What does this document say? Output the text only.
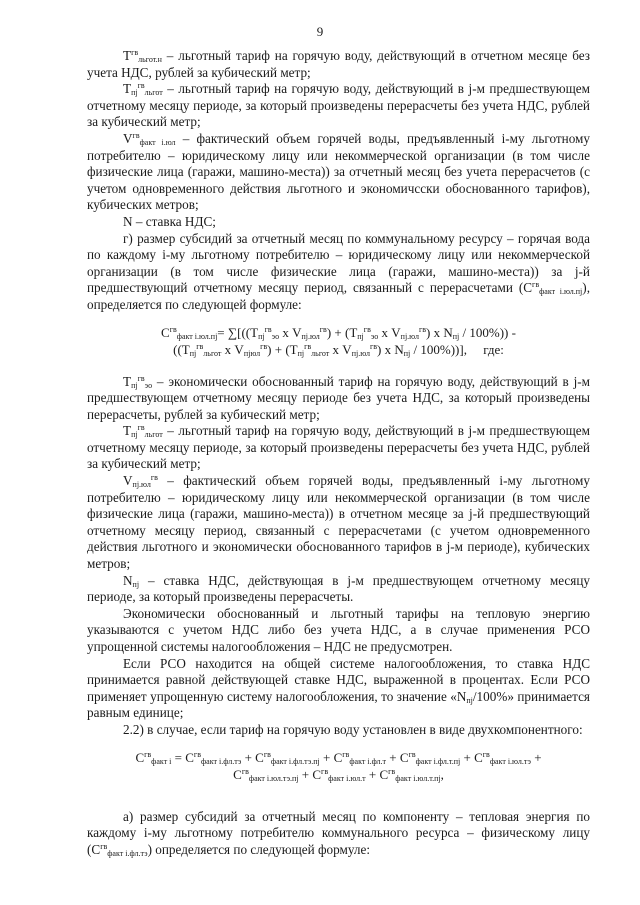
9

$T^{гв}_{льгот.н}$ – льготный тариф на горячую воду, действующий в отчетном месяце без учета НДС, рублей за кубический метр;

$T_{пj}^{гв}_{льгот}$ – льготный тариф на горячую воду, действующий в j-м предшествующем отчетному месяцу периоде, за который произведены перерасчеты без учета НДС, рублей за кубический метр;

$V^{гв}_{факт i.юл}$ – фактический объем горячей воды, предъявленный i-му льготному потребителю – юридическому лицу или некоммерческой организации (в том числе физические лица (гаражи, машино-места)) за отчетный месяц без учета перерасчетов (с учетом одновременного действия льготного и экономичсски обоснованного тарифов), кубических метров;

N – ставка НДС;

г) размер субсидий за отчетный месяц по коммунальному ресурсу – горячая вода по каждому i-му льготному потребителю – юридическому лицу или некоммерческой организации (в том числе физические лица (гаражи, машино-места)) за j-й предшествующий отчетному месяцу период, связанный с перерасчетами $(С^{гв}_{факт i.юл.пj})$, определяется по следующей формуле:

$С^{гв}_{факт i.юл.пj}= \sum[((T_{пj}^{гв}_{эо}$ х $V_{пj.юл}^{гв}) + (T_{пj}^{гв}_{эо}$ х $V_{пj.юл}^{гв}$) х $N_{пj} / 100\%$)) -
(($T_{пj}^{гв}_{льгот}$ х $V_{пjюл}^{гв}) + (T_{пj}^{гв}_{льгот}$ х $V_{пj.юл}^{гв}$) х $N_{пj} / 100\%$))],     где:

$T_{пj}^{гв}_{эо}$ – экономически обоснованный тариф на горячую воду, действующий в j-м предшествующем отчетному месяцу периоде без учета НДС, за который произведены перерасчеты, рублей за кубический метр;

$T_{пj}^{гв}_{льгот}$ – льготный тариф на горячую воду, действующий в j-м предшествующем отчетному месяцу периоде, за который произведены перерасчеты без учета НДС, рублей за кубический метр;

$V_{пj.юл}^{гв}$ – фактический объем горячей воды, предъявленный i-му льготному потребителю – юридическому лицу или некоммерческой организации (в том числе физические лица (гаражи, машино-места)) в отчетном месяце за j-й предшествующий отчетному месяцу период, связанный с перерасчетами (с учетом одновременного действия льготного и экономически обоснованного тарифов в j-м периоде), кубических метров;

$N_{пj}$ – ставка НДС, действующая в j-м предшествующем отчетному месяцу периоде, за который произведены перерасчеты.

Экономически обоснованный и льготный тарифы на тепловую энергию указываются с учетом НДС либо без учета НДС, а в случае применения РСО упрощенной системы налогообложения – НДС не предусмотрен.

Если РСО находится на общей системе налогообложения, то ставка НДС принимается равной действующей ставке НДС, выраженной в процентах. Если РСО применяет упрощенную систему налогообложения, то значение «$N_{пj}/100\%$» принимается равным единице;

2.2) в случае, если тариф на горячую воду установлен в виде двухкомпонентного:

$С^{гв}_{факт i} = С^{гв}_{факт i.фл.тэ} + С^{гв}_{факт i.фл.тэ.пj} + С^{гв}_{факт i.фл.т} + С^{гв}_{факт i.фл.т.пj} + С^{гв}_{факт i.юл.тэ}$ +
$С^{гв}_{факт i.юл.тэ.пj} + С^{гв}_{факт i.юл.т} + С^{гв}_{факт i.юл.т.пj}$,

а) размер субсидий за отчетный месяц по компоненту – тепловая энергия по каждому i-му льготному потребителю коммунального ресурса – физическому лицу $(С^{гв}_{факт i.фл.тэ})$ определяется по следующей формуле:
